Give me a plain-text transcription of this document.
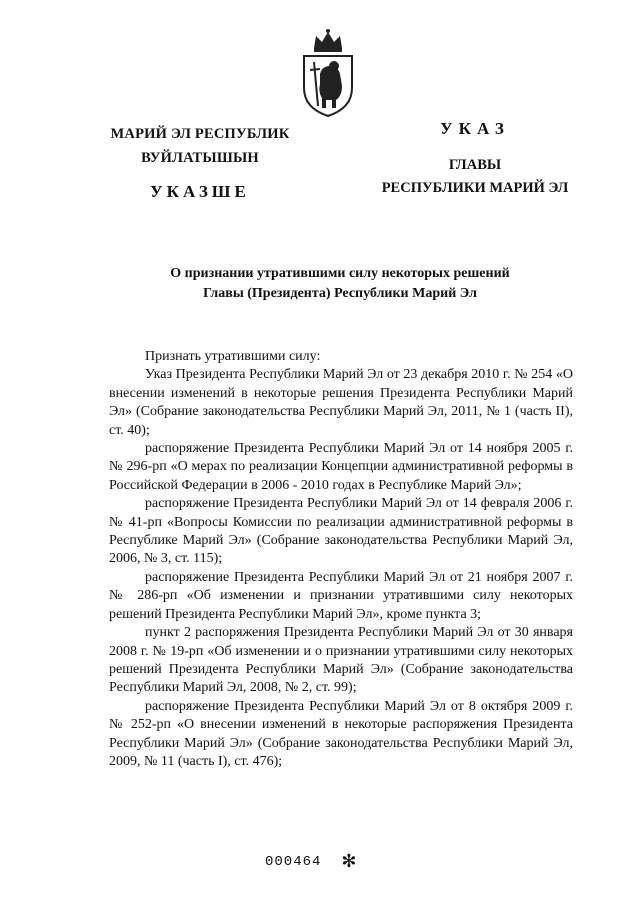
МАРИЙ ЭЛ РЕСПУБЛИК
ВУЙЛАТЫШЫН
УКАЗШЕ
УКАЗ
ГЛАВЫ
РЕСПУБЛИКИ МАРИЙ ЭЛ
О признании утратившими силу некоторых решений
Главы (Президента) Республики Марий Эл

Признать утратившими силу:

Указ Президента Республики Марий Эл от 23 декабря 2010 г. № 254 «О внесении изменений в некоторые решения Президента Республики Марий Эл» (Собрание законодательства Республики Марий Эл, 2011, № 1 (часть II), ст. 40);

распоряжение Президента Республики Марий Эл от 14 ноября 2005 г. № 296-рп «О мерах по реализации Концепции административной реформы в Российской Федерации в 2006 - 2010 годах в Республике Марий Эл»;

распоряжение Президента Республики Марий Эл от 14 февраля 2006 г. № 41-рп «Вопросы Комиссии по реализации административной реформы в Республике Марий Эл» (Собрание законодательства Республики Марий Эл, 2006, № 3, ст. 115);

распоряжение Президента Республики Марий Эл от 21 ноября 2007 г. № 286-рп «Об изменении и признании утратившими силу некоторых решений Президента Республики Марий Эл», кроме пункта 3;

пункт 2 распоряжения Президента Республики Марий Эл от 30 января 2008 г. № 19-рп «Об изменении и о признании утратившими силу некоторых решений Президента Республики Марий Эл» (Собрание законодательства Республики Марий Эл, 2008, № 2, ст. 99);

распоряжение Президента Республики Марий Эл от 8 октября 2009 г. № 252-рп «О внесении изменений в некоторые распоряжения Президента Республики Марий Эл» (Собрание законодательства Республики Марий Эл, 2009, № 11 (часть I), ст. 476);

000464 ✻
